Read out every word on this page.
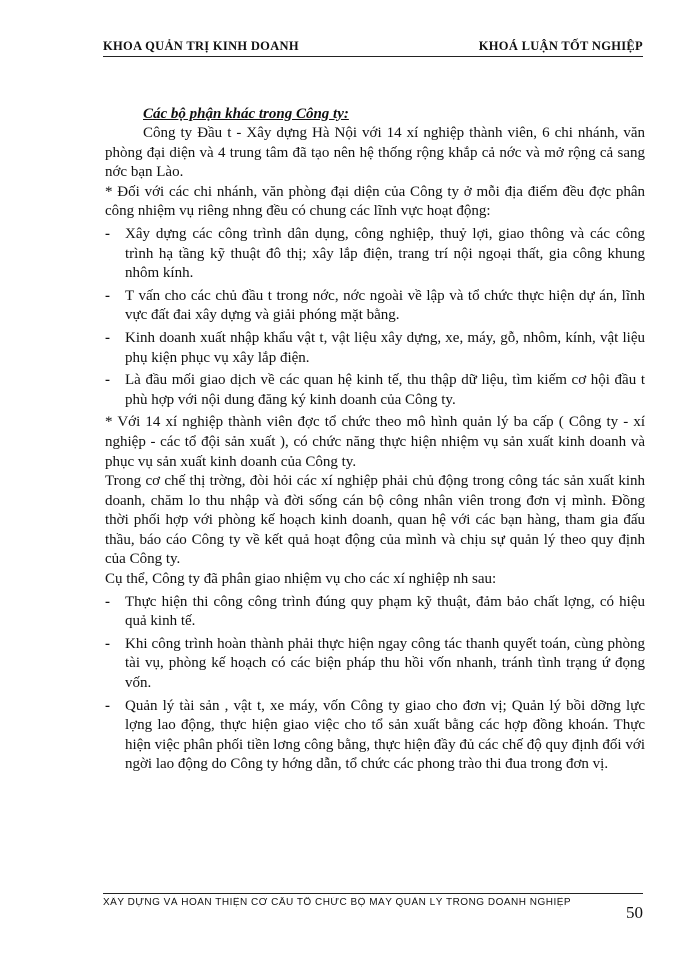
KHOA QUẢN TRỊ KINH DOANH	KHOÁ LUẬN TỐT NGHIỆP

Các bộ phận khác trong Công ty:

Công ty Đầu t - Xây dựng Hà Nội với 14 xí nghiệp thành viên, 6 chi nhánh, văn phòng đại diện và 4 trung tâm đã tạo nên hệ thống rộng khắp cả nớc và mở rộng cả sang nớc bạn Lào.

* Đối với các chi nhánh, văn phòng đại diện của Công ty ở mỗi địa điểm đều đợc phân công nhiệm vụ riêng nhng đều có chung các lĩnh vực hoạt động:

- Xây dựng các công trình dân dụng, công nghiệp, thuỷ lợi, giao thông và các công trình hạ tầng kỹ thuật đô thị; xây lắp điện, trang trí nội ngoại thất, gia công khung nhôm kính.
- T vấn cho các chủ đầu t trong nớc, nớc ngoài về lập và tổ chức thực hiện dự án, lĩnh vực đất đai xây dựng và giải phóng mặt bằng.
- Kinh doanh xuất nhập khẩu vật t, vật liệu xây dựng, xe, máy, gỗ, nhôm, kính, vật liệu phụ kiện phục vụ xây lắp điện.
- Là đầu mối giao dịch về các quan hệ kinh tế, thu thập dữ liệu, tìm kiếm cơ hội đầu t phù hợp với nội dung đăng ký kinh doanh của Công ty.

* Với 14 xí nghiệp thành viên đợc tổ chức theo mô hình quản lý ba cấp ( Công ty - xí nghiệp - các tổ đội sản xuất ), có chức năng thực hiện nhiệm vụ sản xuất kinh doanh và phục vụ sản xuất kinh doanh của Công ty.

Trong cơ chế thị trờng, đòi hỏi các xí nghiệp phải chủ động trong công tác sản xuất kinh doanh, chăm lo thu nhập và đời sống cán bộ công nhân viên trong đơn vị mình. Đồng thời phối hợp với phòng kế hoạch kinh doanh, quan hệ với các bạn hàng, tham gia đấu thầu, báo cáo Công ty về kết quả hoạt động của mình và chịu sự quản lý theo quy định của Công ty.

Cụ thể, Công ty đã phân giao nhiệm vụ cho các xí nghiệp nh sau:

- Thực hiện thi công công trình đúng quy phạm kỹ thuật, đảm bảo chất lợng, có hiệu quả kinh tế.
- Khi công trình hoàn thành phải thực hiện ngay công tác thanh quyết toán, cùng phòng tài vụ, phòng kế hoạch có các biện pháp thu hồi vốn nhanh, tránh tình trạng ứ đọng vốn.
- Quản lý tài sản , vật t, xe máy, vốn Công ty giao cho đơn vị; Quản lý bồi dỡng lực lợng lao động, thực hiện giao việc cho tổ sản xuất bằng các hợp đồng khoán. Thực hiện việc phân phối tiền lơng công bằng, thực hiện đầy đủ các chế độ quy định đối với ngời lao động do Công ty hớng dẫn, tổ chức các phong trào thi đua trong đơn vị.
XÂY DỰNG VÀ HOÀN THIỆN CƠ CẤU TỔ CHỨC BỘ MÁY QUẢN LÝ TRONG DOANH NGHIỆP
50
